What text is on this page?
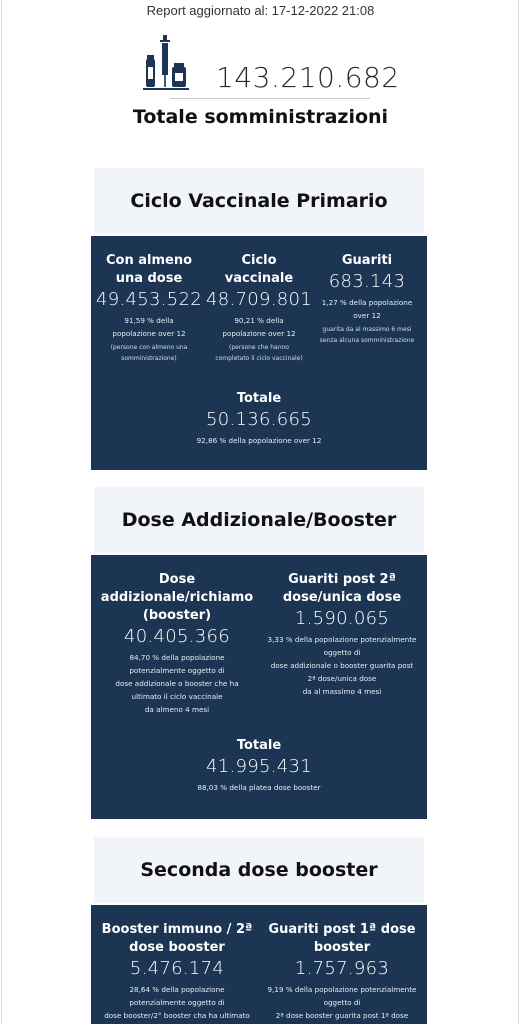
Report aggiornato al: 17-12-2022 21:08
143.210.682
Totale somministrazioni
Ciclo Vaccinale Primario
Con almeno
una dose
49.453.522
91,59 % della
popolazione over 12
(persone con almeno una
somministrazione)
Ciclo
vaccinale
48.709.801
90,21 % della
popolazione over 12
(persone che hanno
completato il ciclo vaccinale)
Guariti
683.143
1,27 % della popolazione
over 12
guarita da al massimo 6 mesi
senza alcuna somministrazione
Totale
50.136.665
92,86 % della popolazione over 12
Dose Addizionale/Booster
Dose
addizionale/richiamo
(booster)
40.405.366
84,70 % della popolazione
potenzialmente oggetto di
dose addizionale o booster che ha
ultimato il ciclo vaccinale
da almeno 4 mesi
Guariti post 2ª
dose/unica dose
1.590.065
3,33 % della popolazione potenzialmente
oggetto di
dose addizionale o booster guarita post
2ª dose/unica dose
da al massimo 4 mesi
Totale
41.995.431
88,03 % della platea dose booster
Seconda dose booster
Booster immuno / 2ª
dose booster
5.476.174
28,64 % della popolazione
potenzialmente oggetto di
dose booster/2° booster cha ha ultimato
Guariti post 1ª dose
booster
1.757.963
9,19 % della popolazione potenzialmente
oggetto di
2ª dose booster guarita post 1ª dose
